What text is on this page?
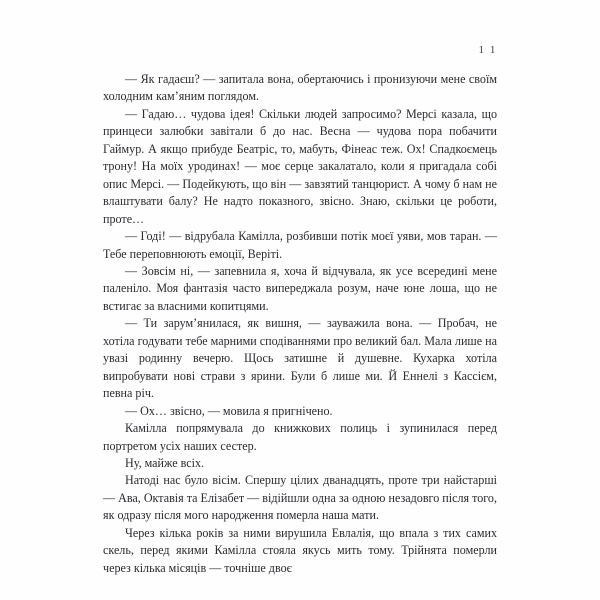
1 1

— Як гадаєш? — запитала вона, обертаючись і пронизуючи мене своїм холодним кам’яним поглядом.

— Гадаю… чудова ідея! Скільки людей запросимо? Мерсі казала, що принцеси залюбки завітали б до нас. Весна — чудова пора побачити Гаймур. А якщо прибуде Беатріс, то, мабуть, Фінеас теж. Ох! Спадкоємець трону! На моїх уродинах! — моє серце закалатало, коли я пригадала собі опис Мерсі. — Подейкують, що він — завзятий танцюрист. А чому б нам не влаштувати балу? Не надто показного, звісно. Знаю, скільки це роботи, проте…

— Годі! — відрубала Камілла, розбивши потік моєї уяви, мов таран. — Тебе переповнюють емоції, Веріті.

— Зовсім ні, — запевнила я, хоча й відчувала, як усе всередині мене паленіло. Моя фантазія часто випереджала розум, наче юне лоша, що не встигає за власними копитцями.

— Ти зарум’янилася, як вишня, — зауважила вона. — Пробач, не хотіла годувати тебе марними сподіваннями про великий бал. Мала лише на увазі родинну вечерю. Щось затишне й душевне. Кухарка хотіла випробувати нові страви з ярини. Були б лише ми. Й Еннелі з Кассієм, певна річ.

— Ох… звісно, — мовила я пригнічено.

Камілла попрямувала до книжкових полиць і зупинилася перед портретом усіх наших сестер.

Ну, майже всіх.

Натоді нас було вісім. Спершу цілих дванадцять, проте три найстарші — Ава, Октавія та Елізабет — відійшли одна за одною незадовго після того, як одразу після мого народження померла наша мати.

Через кілька років за ними вирушила Евлалія, що впала з тих самих скель, перед якими Камілла стояла якусь мить тому. Трійнята померли через кілька місяців — точніше двоє
